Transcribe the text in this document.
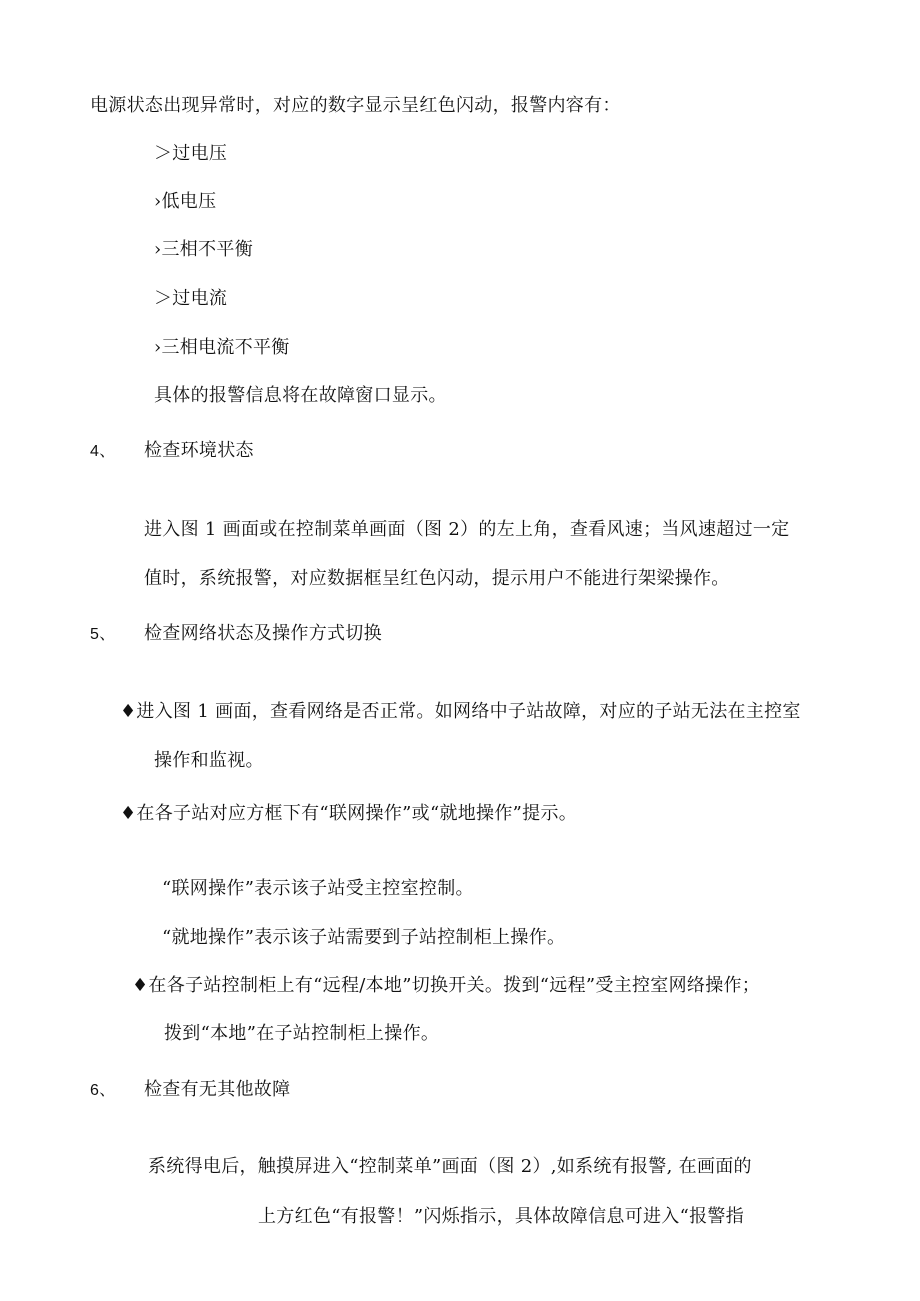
电源状态出现异常时，对应的数字显示呈红色闪动，报警内容有：
＞过电压
›低电压
›三相不平衡
＞过电流
›三相电流不平衡
具体的报警信息将在故障窗口显示。
4、 检查环境状态
进入图 1 画面或在控制菜单画面（图 2）的左上角，查看风速；当风速超过一定
值时，系统报警，对应数据框呈红色闪动，提示用户不能进行架梁操作。
5、 检查网络状态及操作方式切换
♦进入图 1 画面，查看网络是否正常。如网络中子站故障，对应的子站无法在主控室
操作和监视。
♦在各子站对应方框下有“联网操作”或“就地操作”提示。
“联网操作”表示该子站受主控室控制。
“就地操作”表示该子站需要到子站控制柜上操作。
♦在各子站控制柜上有“远程/本地”切换开关。拨到“远程”受主控室网络操作；
拨到“本地”在子站控制柜上操作。
6、 检查有无其他故障
系统得电后，触摸屏进入“控制菜单”画面（图 2）,如系统有报警, 在画面的
上方红色“有报警！”闪烁指示，具体故障信息可进入“报警指
